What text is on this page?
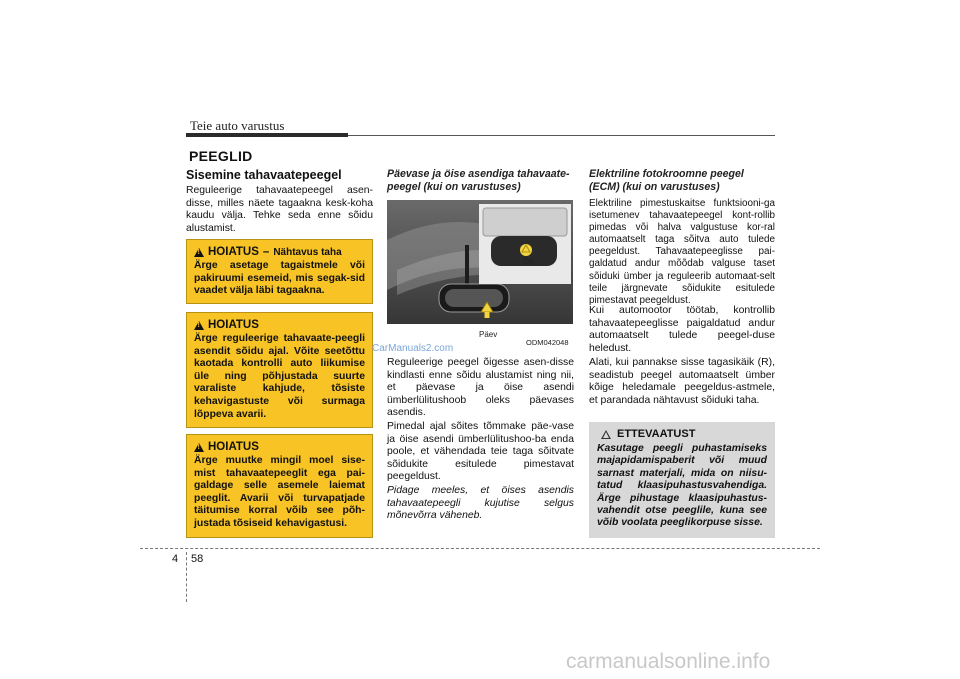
Teie auto varustus
PEEGLID
Sisemine tahavaatepeegel
Reguleerige tahavaatepeegel asen-disse, milles näete tagaakna kesk-koha kaudu välja. Tehke seda enne sõidu alustamist.
!
HOIATUS – Nähtavus taha
Ärge asetage tagaistmele või pakiruumi esemeid, mis segak-sid vaadet välja läbi tagaakna.
!
HOIATUS
Ärge reguleerige tahavaate-peegli asendit sõidu ajal. Võite seetõttu kaotada kontrolli auto liikumise üle ning põhjustada suurte varaliste kahjude, tõsiste kehavigastuste või surmaga lõppeva avarii.
!
HOIATUS
Ärge muutke mingil moel sise-mist tahavaatepeeglit ega pai-galdage selle asemele laiemat peeglit. Avarii või turvapatjade täitumise korral võib see põh-justada tõsiseid kehavigastusi.
Päevase ja öise asendiga tahavaate-peegel (kui on varustuses)
Öö
Päev
ODM042048
Reguleerige peegel õigesse asen-disse kindlasti enne sõidu alustamist ning nii, et päevase ja öise asendi ümberlülitushoob oleks päevases asendis.
Pimedal ajal sõites tõmmake päe-vase ja öise asendi ümberlülitushoo-ba enda poole, et vähendada teie taga sõitvate sõidukite esitulede pimestavat peegeldust.
Pidage meeles, et öises asendis tahavaatepeegli kujutise selgus mõnevõrra väheneb.
Elektriline fotokroomne peegel (ECM) (kui on varustuses)
Elektriline pimestuskaitse funktsiooni-ga isetumenev tahavaatepeegel kont-rollib pimedas või halva valgustuse kor-ral automaatselt taga sõitva auto tulede peegeldust. Tahavaatepeeglisse pai-galdatud andur mõõdab valguse taset sõiduki ümber ja reguleerib automaat-selt teile järgnevate sõidukite esitulede pimestavat peegeldust.
Kui automootor töötab, kontrollib tahavaatepeeglisse paigaldatud andur automaatselt tulede peegel-duse heledust.
Alati, kui pannakse sisse tagasikäik (R), seadistub peegel automaatselt ümber kõige heledamale peegeldus-astmele, et parandada nähtavust sõiduki taha.
ETTEVAATUST
Kasutage peegli puhastamiseks majapidamispaberit või muud sarnast materjali, mida on niisu-tatud klaasipuhastusvahendiga. Ärge pihustage klaasipuhastus-vahendit otse peeglile, kuna see võib voolata peeglikorpuse sisse.
4 58
CarManuals2.com
carmanualsonline.info
